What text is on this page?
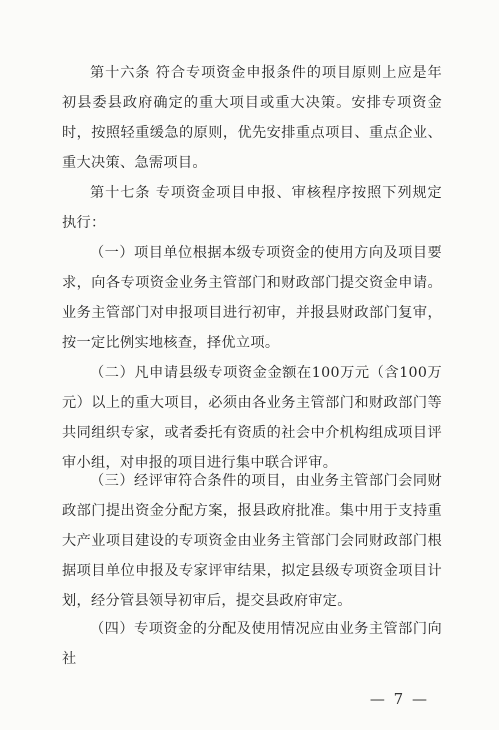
第十六条 符合专项资金申报条件的项目原则上应是年初县委县政府确定的重大项目或重大决策。安排专项资金时，按照轻重缓急的原则，优先安排重点项目、重点企业、重大决策、急需项目。

第十七条 专项资金项目申报、审核程序按照下列规定执行：

（一）项目单位根据本级专项资金的使用方向及项目要求，向各专项资金业务主管部门和财政部门提交资金申请。业务主管部门对申报项目进行初审，并报县财政部门复审，按一定比例实地核查，择优立项。

（二）凡申请县级专项资金金额在100万元（含100万元）以上的重大项目，必须由各业务主管部门和财政部门等共同组织专家，或者委托有资质的社会中介机构组成项目评审小组，对申报的项目进行集中联合评审。

（三）经评审符合条件的项目，由业务主管部门会同财政部门提出资金分配方案，报县政府批准。集中用于支持重大产业项目建设的专项资金由业务主管部门会同财政部门根据项目单位申报及专家评审结果，拟定县级专项资金项目计划，经分管县领导初审后，提交县政府审定。

（四）专项资金的分配及使用情况应由业务主管部门向社

— 7 —
